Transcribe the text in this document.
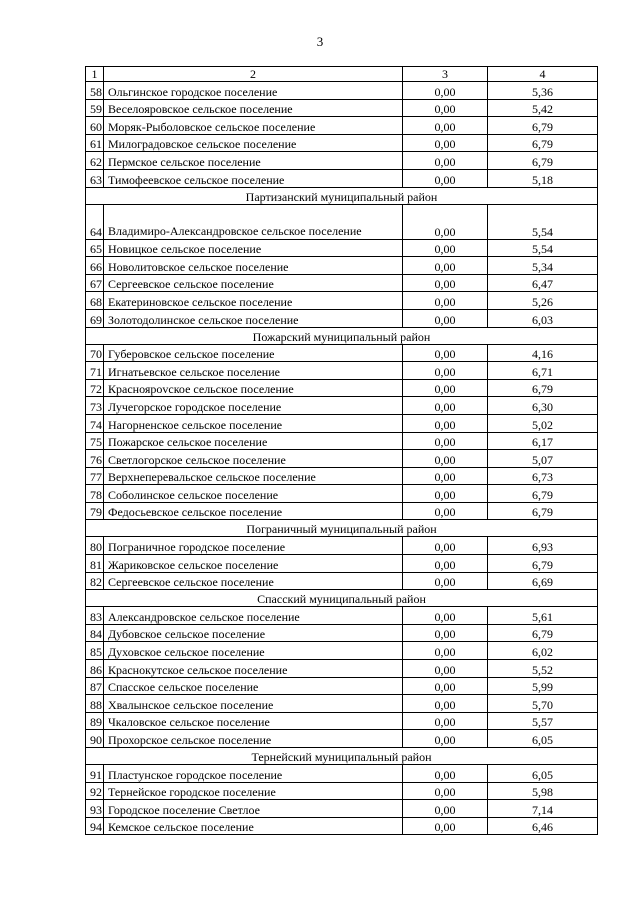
3
1	2	3	4
58	Ольгинское городское поселение	0,00	5,36
59	Веселояровское сельское поселение	0,00	5,42
60	Моряк-Рыболовское сельское поселение	0,00	6,79
61	Милоградовское сельское поселение	0,00	6,79
62	Пермское сельское поселение	0,00	6,79
63	Тимофеевское сельское поселение	0,00	5,18
Партизанский муниципальный район			
64	Владимиро-Александровское сельское поселение	0,00	5,54
65	Новицкое сельское поселение	0,00	5,54
66	Новолитовское сельское поселение	0,00	5,34
67	Сергеевское сельское поселение	0,00	6,47
68	Екатериновское сельское поселение	0,00	5,26
69	Золотодолинское сельское поселение	0,00	6,03
Пожарский муниципальный район			
70	Губеровское сельское поселение	0,00	4,16
71	Игнатьевское сельское поселение	0,00	6,71
72	Красноярovское сельское поселение	0,00	6,79
73	Лучегорское городское поселение	0,00	6,30
74	Нагорненское сельское поселение	0,00	5,02
75	Пожарское сельское поселение	0,00	6,17
76	Светлогорское сельское поселение	0,00	5,07
77	Верхнеперевальское сельское поселение	0,00	6,73
78	Соболинское сельское поселение	0,00	6,79
79	Федосьевское сельское поселение	0,00	6,79
Пограничный муниципальный район			
80	Пограничное городское поселение	0,00	6,93
81	Жариковское сельское поселение	0,00	6,79
82	Сергеевское сельское поселение	0,00	6,69
Спасский муниципальный район			
83	Александровское сельское поселение	0,00	5,61
84	Дубовское сельское поселение	0,00	6,79
85	Духовское сельское поселение	0,00	6,02
86	Краснокутское сельское поселение	0,00	5,52
87	Спасское сельское поселение	0,00	5,99
88	Хвалынское сельское поселение	0,00	5,70
89	Чкаловское сельское поселение	0,00	5,57
90	Прохорское сельское поселение	0,00	6,05
Тернейский муниципальный район			
91	Пластунское городское поселение	0,00	6,05
92	Тернейское городское поселение	0,00	5,98
93	Городское поселение Светлое	0,00	7,14
94	Кемское сельское поселение	0,00	6,46
